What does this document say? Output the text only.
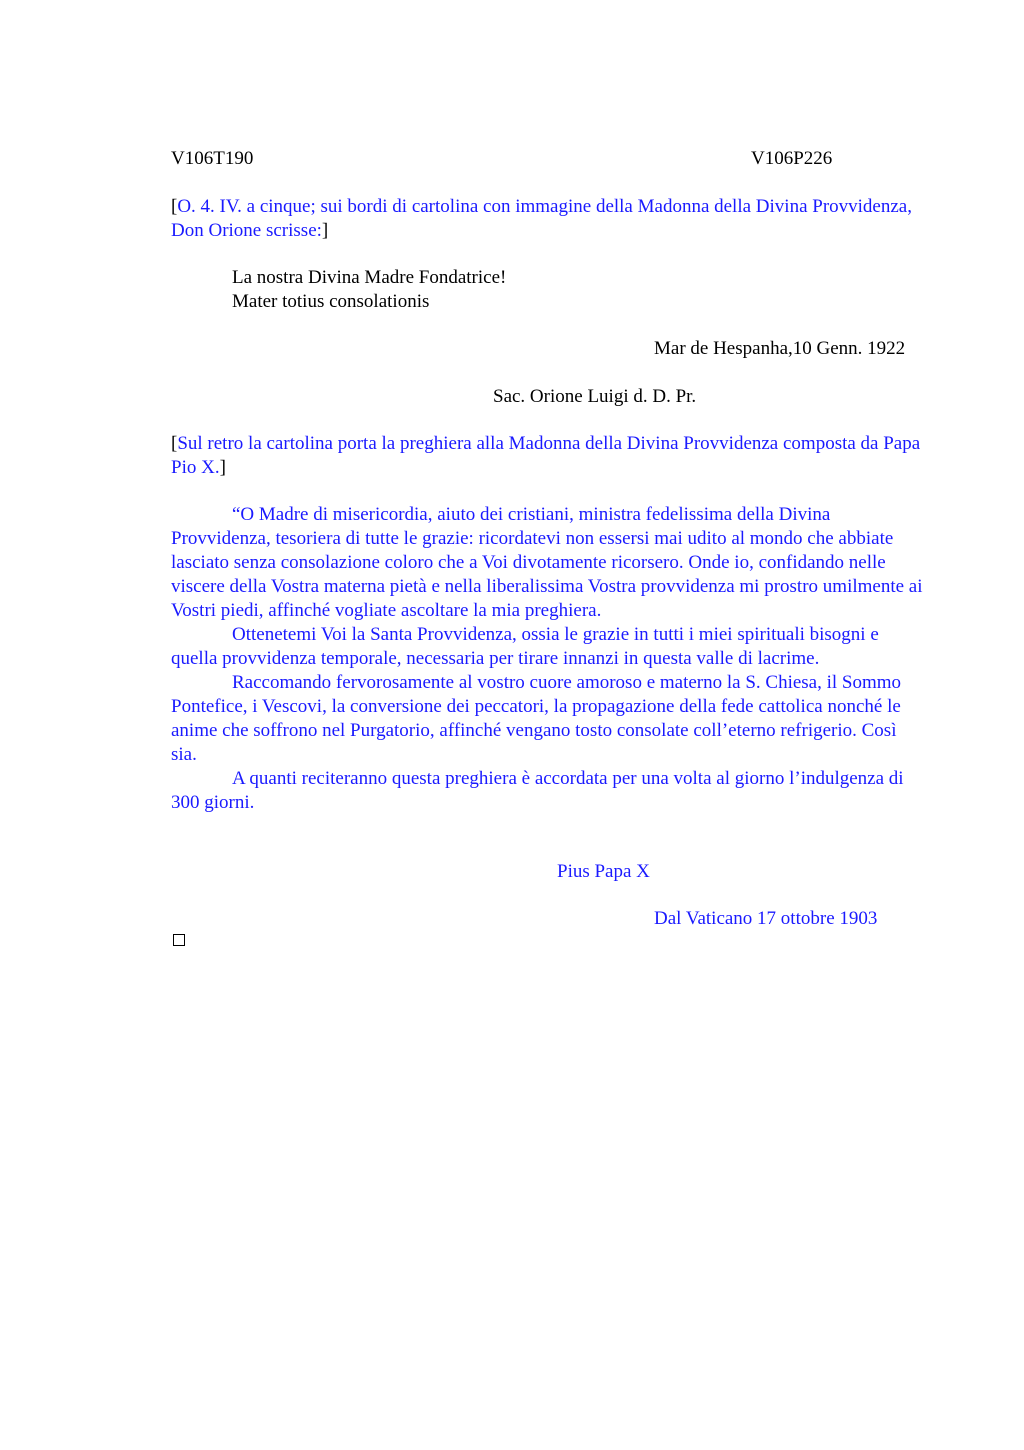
V106T190	V106P226

[O. 4. IV. a cinque; sui bordi di cartolina con immagine della Madonna della Divina Provvidenza, Don Orione scrisse:]

La nostra Divina Madre Fondatrice!

Mater totius consolationis

Mar de Hespanha,10 Genn. 1922

Sac. Orione Luigi d. D. Pr.

[Sul retro la cartolina porta la preghiera alla Madonna della Divina Provvidenza composta da Papa Pio X.]

“O Madre di misericordia, aiuto dei cristiani, ministra fedelissima della Divina Provvidenza, tesoriera di tutte le grazie: ricordatevi non essersi mai udito al mondo che abbiate lasciato senza consolazione coloro che a Voi divotamente ricorsero. Onde io, confidando nelle viscere della Vostra materna pietà e nella liberalissima Vostra provvidenza mi prostro umilmente ai Vostri piedi, affinché vogliate ascoltare la mia preghiera.

Ottenetemi Voi la Santa Provvidenza, ossia le grazie in tutti i miei spirituali bisogni e quella provvidenza temporale, necessaria per tirare innanzi in questa valle di lacrime.

Raccomando fervorosamente al vostro cuore amoroso e materno la S. Chiesa, il Sommo Pontefice, i Vescovi, la conversione dei peccatori, la propagazione della fede cattolica nonché le anime che soffrono nel Purgatorio, affinché vengano tosto consolate coll’eterno refrigerio. Così sia.

A quanti reciteranno questa preghiera è accordata per una volta al giorno l’indulgenza di 300 giorni.

Pius Papa X

Dal Vaticano 17 ottobre 1903
